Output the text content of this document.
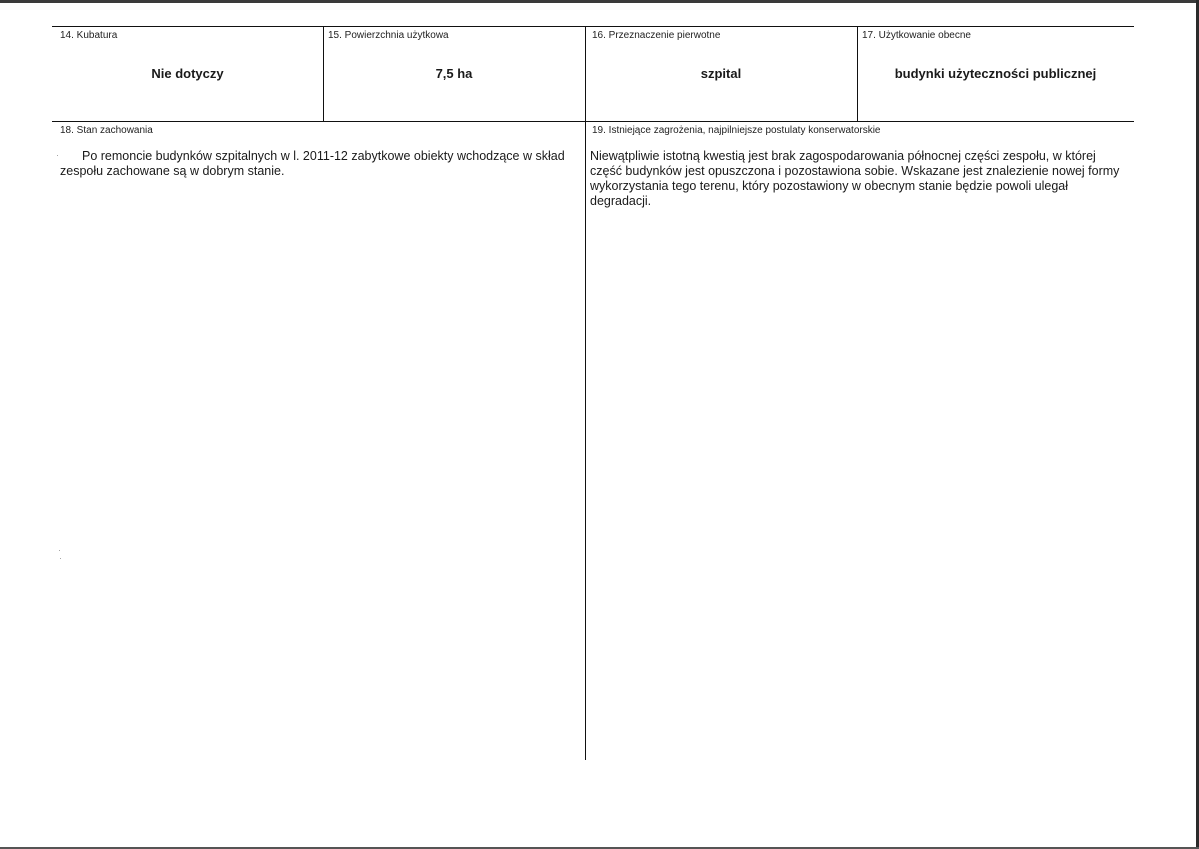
14. Kubatura
Nie dotyczy
15. Powierzchnia użytkowa
7,5 ha
16. Przeznaczenie pierwotne
szpital
17. Użytkowanie obecne
budynki użyteczności publicznej
18. Stan zachowania
Po remoncie budynków szpitalnych w l. 2011-12 zabytkowe obiekty wchodzące w skład zespołu zachowane są w dobrym stanie.
19. Istniejące zagrożenia, najpilniejsze postulaty konserwatorskie
Niewątpliwie istotną kwestią jest brak zagospodarowania północnej części zespołu, w której część budynków jest opuszczona i pozostawiona sobie. Wskazane jest znalezienie nowej formy wykorzystania tego terenu, który pozostawiony w obecnym stanie będzie powoli ulegał degradacji.
·
·
·
